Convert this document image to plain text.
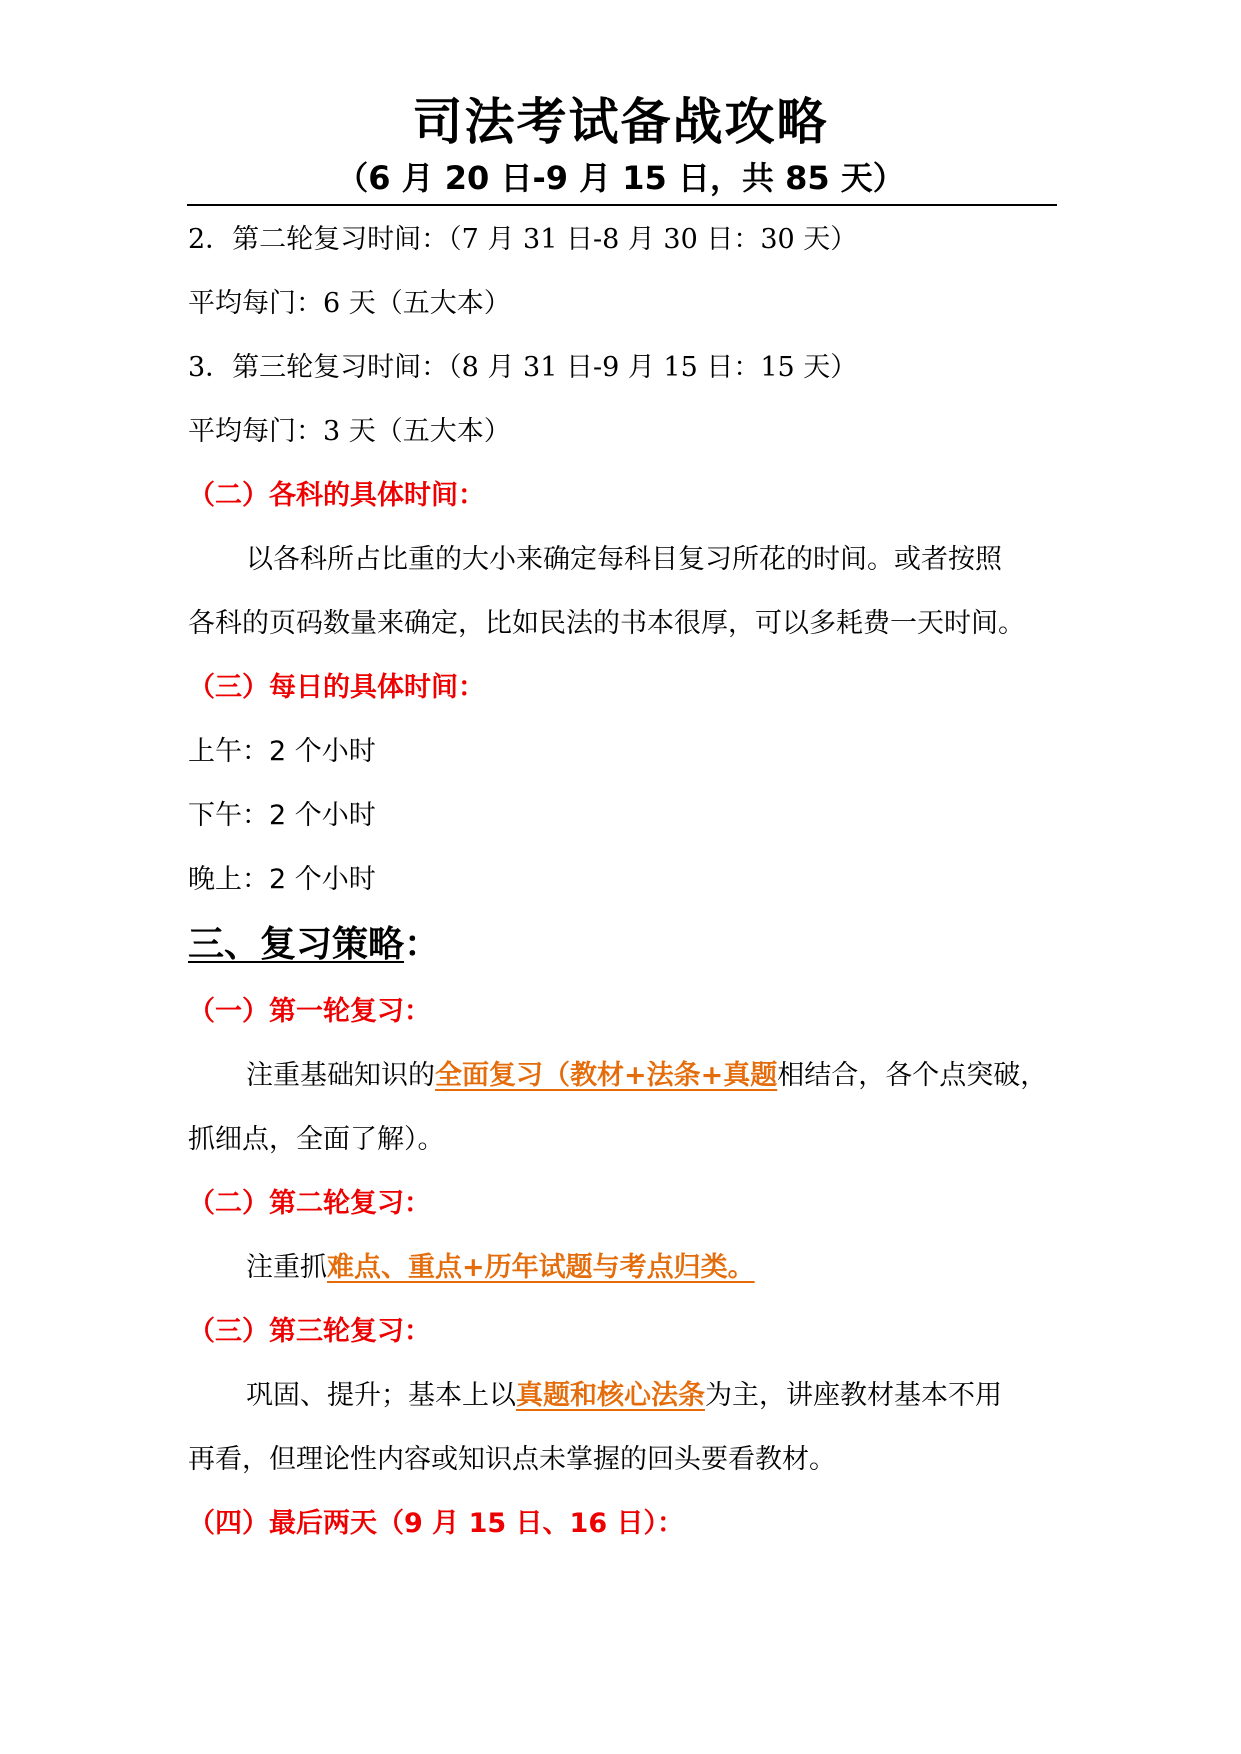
司法考试备战攻略
（6 月 20 日-9 月 15 日，共 85 天）
2．第二轮复习时间：（7 月 31 日-8 月 30 日：30 天）
平均每门：6 天（五大本）
3．第三轮复习时间：（8 月 31 日-9 月 15 日：15 天）
平均每门：3 天（五大本）
（二）各科的具体时间：
以各科所占比重的大小来确定每科目复习所花的时间。或者按照
各科的页码数量来确定，比如民法的书本很厚，可以多耗费一天时间。
（三）每日的具体时间：
上午：2 个小时
下午：2 个小时
晚上：2 个小时
三、复习策略：
（一）第一轮复习：
注重基础知识的全面复习（教材+法条+真题相结合，各个点突破，
抓细点，全面了解）。
（二）第二轮复习：
注重抓难点、重点+历年试题与考点归类。
（三）第三轮复习：
巩固、提升；基本上以真题和核心法条为主，讲座教材基本不用
再看，但理论性内容或知识点未掌握的回头要看教材。
（四）最后两天（9 月 15 日、16 日）：
